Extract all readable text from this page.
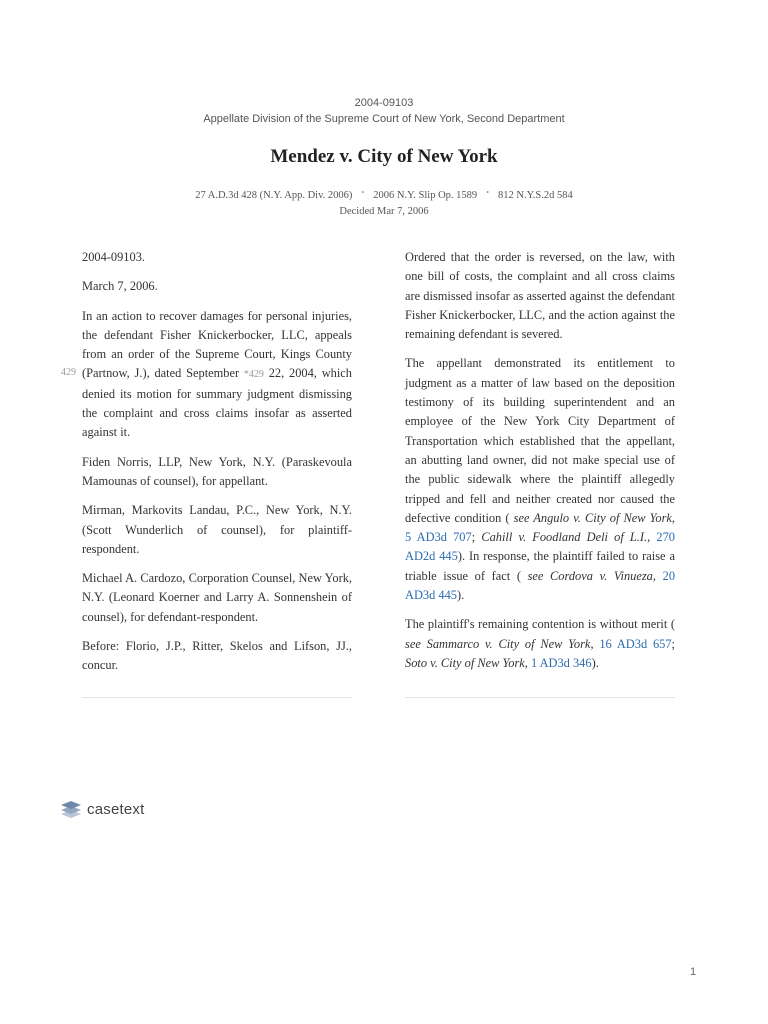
2004-09103
Appellate Division of the Supreme Court of New York, Second Department
Mendez v. City of New York
27 A.D.3d 428 (N.Y. App. Div. 2006) • 2006 N.Y. Slip Op. 1589 • 812 N.Y.S.2d 584
Decided Mar 7, 2006
429

2004-09103.

March 7, 2006.

In an action to recover damages for personal injuries, the defendant Fisher Knickerbocker, LLC, appeals from an order of the Supreme Court, Kings County (Partnow, J.), dated September *429 22, 2004, which denied its motion for summary judgment dismissing the complaint and cross claims insofar as asserted against it.

Fiden Norris, LLP, New York, N.Y. (Paraskevoula Mamounas of counsel), for appellant.

Mirman, Markovits Landau, P.C., New York, N.Y. (Scott Wunderlich of counsel), for plaintiff-respondent.

Michael A. Cardozo, Corporation Counsel, New York, N.Y. (Leonard Koerner and Larry A. Sonnenshein of counsel), for defendant-respondent.

Before: Florio, J.P., Ritter, Skelos and Lifson, JJ., concur.

Ordered that the order is reversed, on the law, with one bill of costs, the complaint and all cross claims are dismissed insofar as asserted against the defendant Fisher Knickerbocker, LLC, and the action against the remaining defendant is severed.

The appellant demonstrated its entitlement to judgment as a matter of law based on the deposition testimony of its building superintendent and an employee of the New York City Department of Transportation which established that the appellant, an abutting land owner, did not make special use of the public sidewalk where the plaintiff allegedly tripped and fell and neither created nor caused the defective condition ( see Angulo v. City of New York, 5 AD3d 707; Cahill v. Foodland Deli of L.I., 270 AD2d 445). In response, the plaintiff failed to raise a triable issue of fact ( see Cordova v. Vinueza, 20 AD3d 445).

The plaintiff's remaining contention is without merit ( see Sammarco v. City of New York, 16 AD3d 657; Soto v. City of New York, 1 AD3d 346).

casetext
1
